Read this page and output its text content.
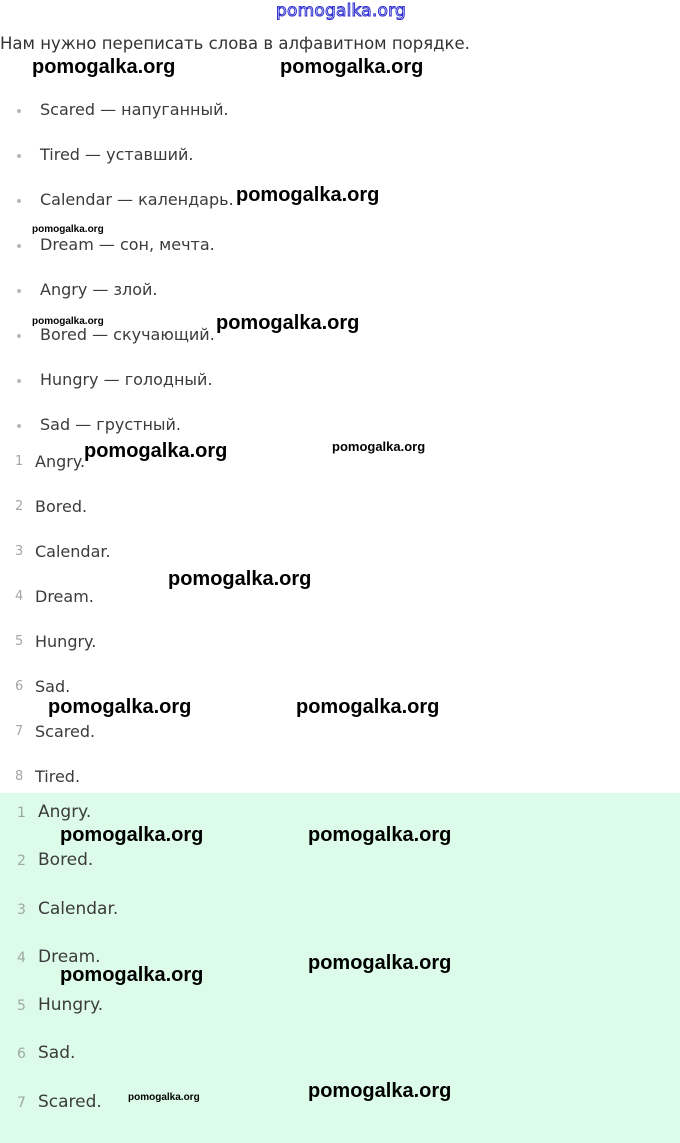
pomogalka.org
Нам нужно переписать слова в алфавитном порядке.
Scared — напуганный.
Tired — уставший.
Calendar — календарь.
Dream — сон, мечта.
Angry — злой.
Bored — скучающий.
Hungry — голодный.
Sad — грустный.
1 Angry.
2 Bored.
3 Calendar.
4 Dream.
5 Hungry.
6 Sad.
7 Scared.
8 Tired.
1 Angry.
2 Bored.
3 Calendar.
4 Dream.
5 Hungry.
6 Sad.
7 Scared.
pomogalka.org	pomogalka.org
pomogalka.org
pomogalka.org
pomogalka.org	pomogalka.org
pomogalka.org	pomogalka.org
pomogalka.org
pomogalka.org	pomogalka.org
pomogalka.org	pomogalka.org
pomogalka.org
pomogalka.org
pomogalka.org
pomogalka.org
